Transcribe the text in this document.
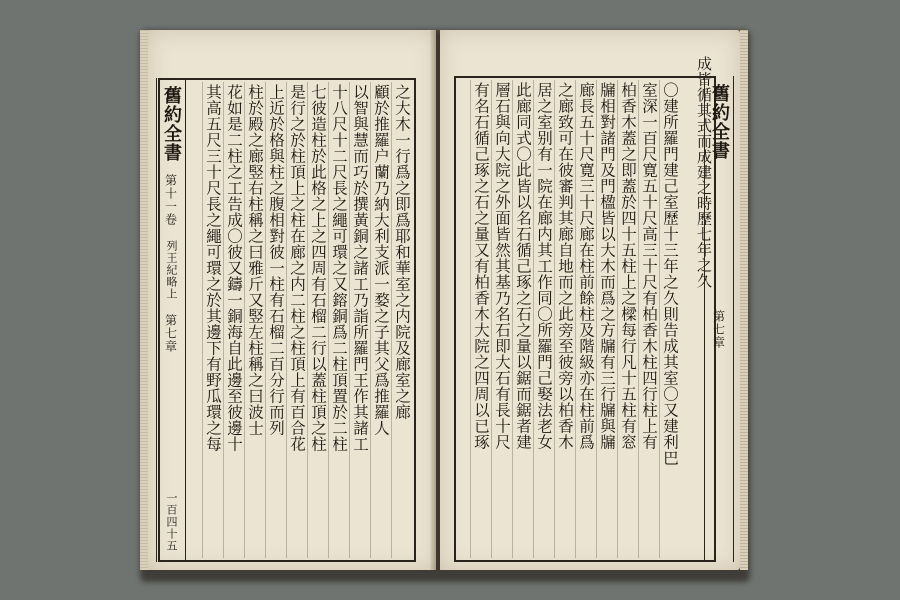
舊約全書
第十一卷
列王紀略上
第七章
一百四十五
之大木一行爲之即爲耶和華室之内院及廊室之廊
顧於推羅户蘭乃納大利支派一婺之子其父爲推羅人
以智與慧而巧於撰黃銅之諸工乃詣所羅門王作其諸工
十八尺十二尺長之繩可環之又鎔銅爲二柱頂置於二柱
七彼造柱於此格之上之四周有石榴二行以蓋柱頂之柱
是行之於柱頂上之柱在廊之内二柱之柱頂上有百合花
上近於格與柱之腹相對彼一柱有石榴二百分行而列
柱於殿之廊竪右柱稱之曰雅斤又竪左柱稱之曰波士
花如是二柱之工告成〇彼又鑄一銅海自此邊至彼邊十
其高五尺三十尺長之繩可環之於其邊下有野瓜環之每	成皆循其式而成建之時歷七年之久
舊約全書
第七章
〇建所羅門建己室歷十三年之久則告成其室〇又建利巴
室深一百尺寛五十尺高三十尺有柏香木柱四行柱上有
柏香木蓋之即蓋於四十五柱上之樑每行凡十五柱有窓
牖相對諸門及門楹皆以大木而爲之方牖有三行牖與牖
廊長五十尺寛三十尺廊在柱前餘柱及階級亦在柱前爲
之廊致可在彼審判其廊自地而之此旁至彼旁以柏香木
居之室别有一院在廊内其工作同〇所羅門己娶法老女
此廊同式〇此皆以名石循己琢之石之量以鋸而鋸者建
層石與向大院之外面皆然其基乃名石即大石有長十尺
有名石循己琢之石之量又有柏香木大院之四周以已琢
